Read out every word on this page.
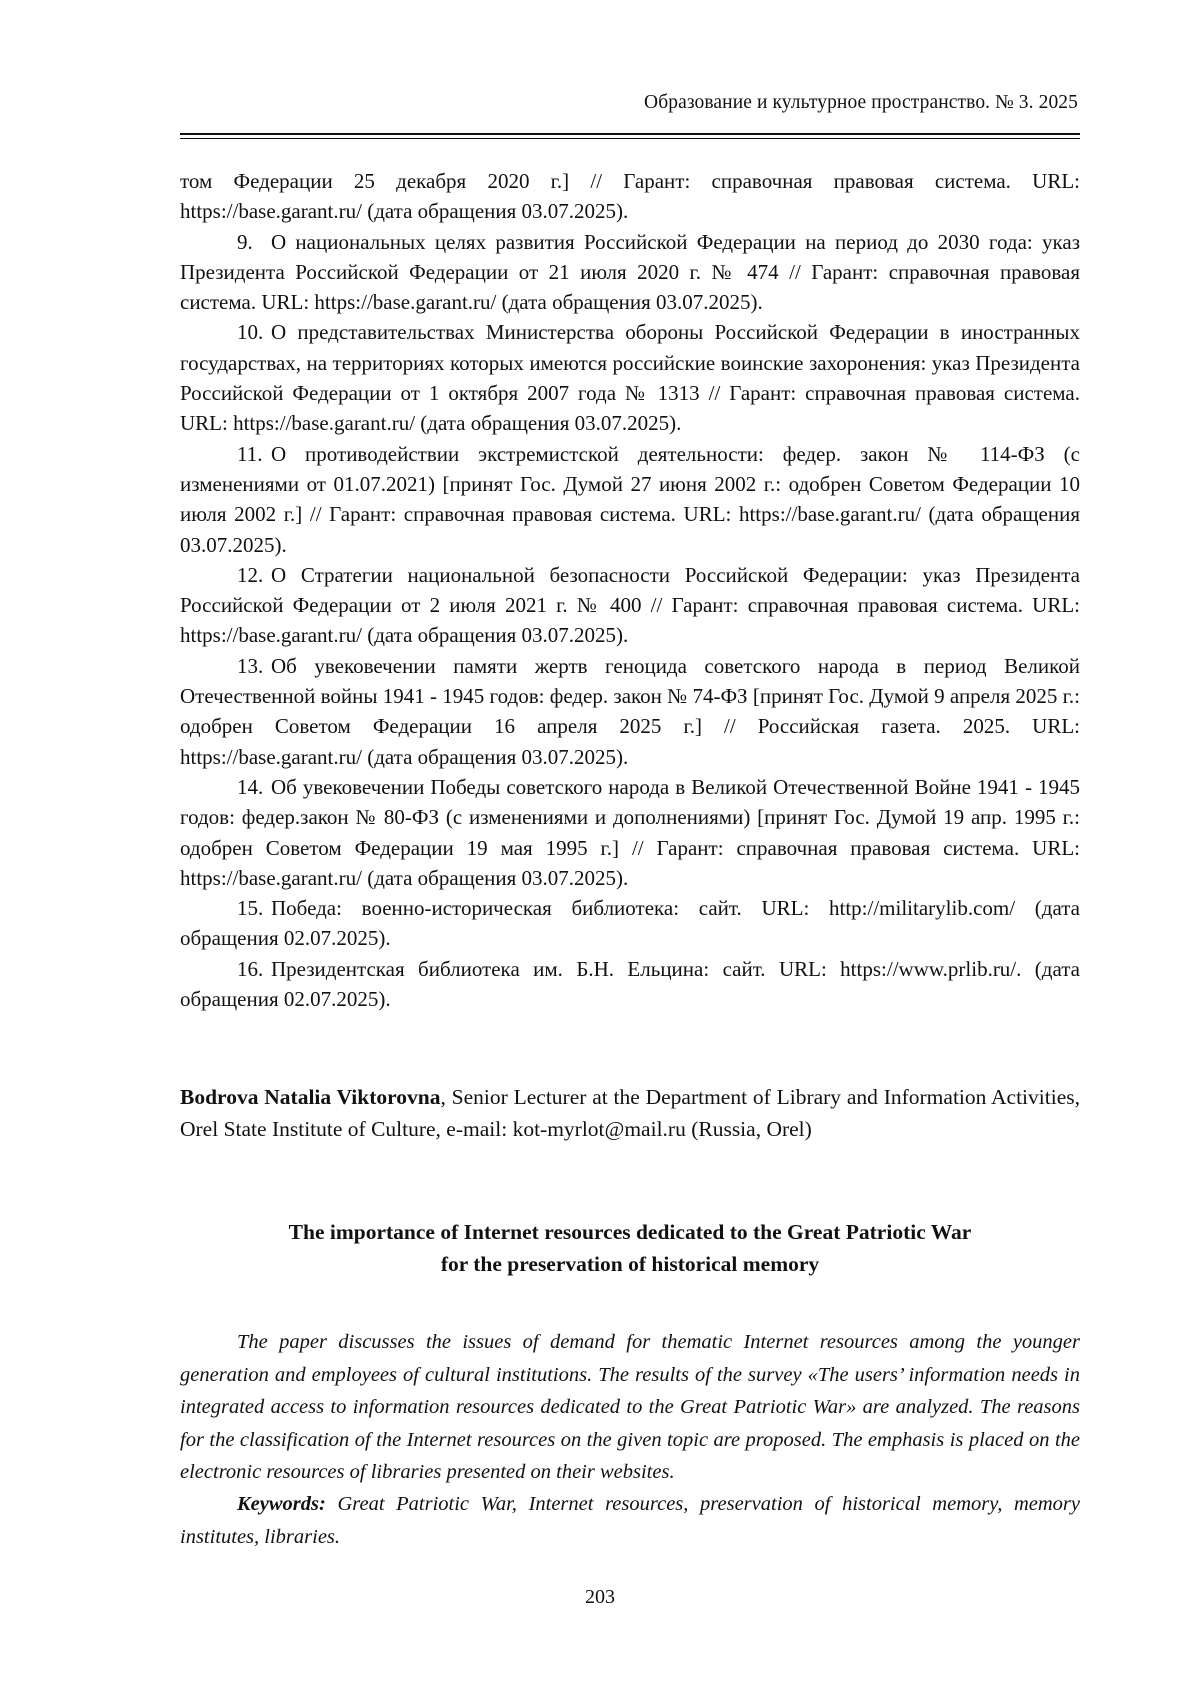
Образование и культурное пространство. № 3. 2025

том Федерации 25 декабря 2020 г.] // Гарант: справочная правовая система. URL: https://base.garant.ru/ (дата обращения 03.07.2025).

9. О национальных целях развития Российской Федерации на период до 2030 года: указ Президента Российской Федерации от 21 июля 2020 г. № 474 // Гарант: справочная правовая система. URL: https://base.garant.ru/ (дата обращения 03.07.2025).

10. О представительствах Министерства обороны Российской Федерации в иностранных государствах, на территориях которых имеются российские воинские захоронения: указ Президента Российской Федерации от 1 октября 2007 года № 1313 // Гарант: справочная правовая система. URL: https://base.garant.ru/ (дата обращения 03.07.2025).

11. О противодействии экстремистской деятельности: федер. закон № 114-ФЗ (с изменениями от 01.07.2021) [принят Гос. Думой 27 июня 2002 г.: одобрен Советом Федерации 10 июля 2002 г.] // Гарант: справочная правовая система. URL: https://base.garant.ru/ (дата обращения 03.07.2025).

12. О Стратегии национальной безопасности Российской Федерации: указ Президента Российской Федерации от 2 июля 2021 г. № 400 // Гарант: справочная правовая система. URL: https://base.garant.ru/ (дата обращения 03.07.2025).

13. Об увековечении памяти жертв геноцида советского народа в период Великой Отечественной войны 1941 - 1945 годов: федер. закон № 74-ФЗ [принят Гос. Думой 9 апреля 2025 г.: одобрен Советом Федерации 16 апреля 2025 г.] // Российская газета. 2025. URL: https://base.garant.ru/ (дата обращения 03.07.2025).

14. Об увековечении Победы советского народа в Великой Отечественной Войне 1941 - 1945 годов: федер.закон № 80-ФЗ (с изменениями и дополнениями) [принят Гос. Думой 19 апр. 1995 г.: одобрен Советом Федерации 19 мая 1995 г.] // Гарант: справочная правовая система. URL: https://base.garant.ru/ (дата обращения 03.07.2025).

15. Победа: военно-историческая библиотека: сайт. URL: http://militarylib.com/ (дата обращения 02.07.2025).

16. Президентская библиотека им. Б.Н. Ельцина: сайт. URL: https://www.prlib.ru/. (дата обращения 02.07.2025).

Bodrova Natalia Viktorovna, Senior Lecturer at the Department of Library and Information Activities, Orel State Institute of Culture, e-mail: kot-myrlot@mail.ru (Russia, Orel)

The importance of Internet resources dedicated to the Great Patriotic War
for the preservation of historical memory

The paper discusses the issues of demand for thematic Internet resources among the younger generation and employees of cultural institutions. The results of the survey «The users’ information needs in integrated access to information resources dedicated to the Great Patriotic War» are analyzed. The reasons for the classification of the Internet resources on the given topic are proposed. The emphasis is placed on the electronic resources of libraries presented on their websites.

Keywords: Great Patriotic War, Internet resources, preservation of historical memory, memory institutes, libraries.

203
